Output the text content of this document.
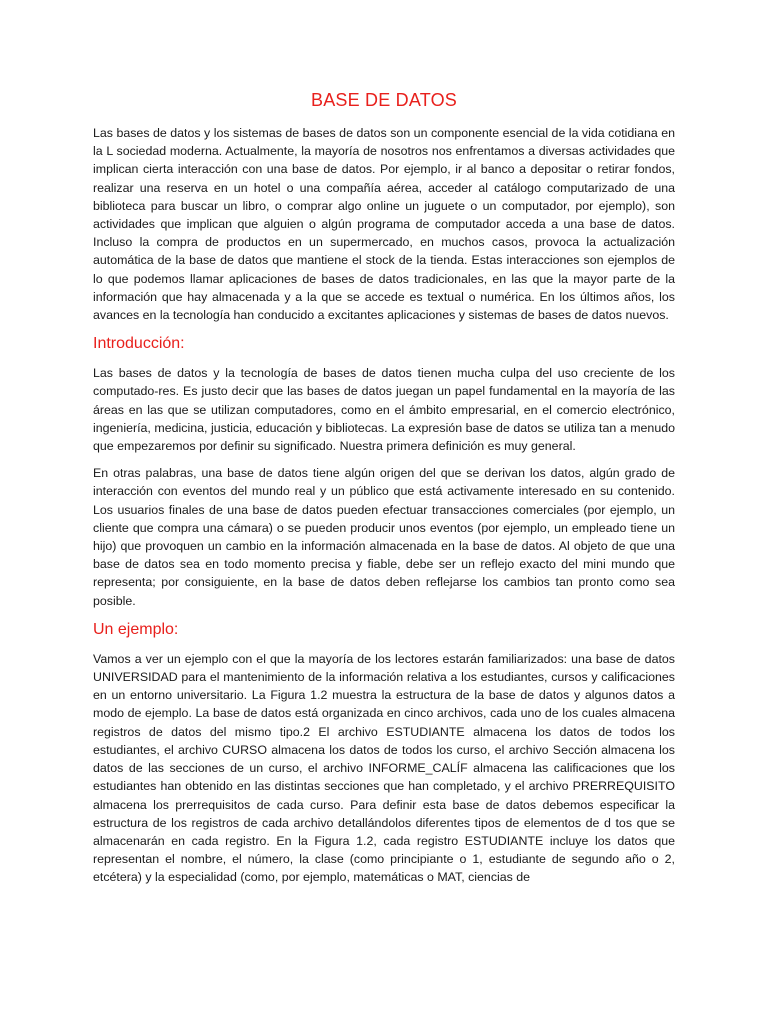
BASE DE DATOS

Las bases de datos y los sistemas de bases de datos son un componente esencial de la vida cotidiana en la L sociedad moderna. Actualmente, la mayoría de nosotros nos enfrentamos a diversas actividades que implican cierta interacción con una base de datos. Por ejemplo, ir al banco a depositar o retirar fondos, realizar una reserva en un hotel o una compañía aérea, acceder al catálogo computarizado de una biblioteca para buscar un libro, o comprar algo online un juguete o un computador, por ejemplo), son actividades que implican que alguien o algún programa de computador acceda a una base de datos. Incluso la compra de productos en un supermercado, en muchos casos, provoca la actualización automática de la base de datos que mantiene el stock de la tienda. Estas interacciones son ejemplos de lo que podemos llamar aplicaciones de bases de datos tradicionales, en las que la mayor parte de la información que hay almacenada y a la que se accede es textual o numérica. En los últimos años, los avances en la tecnología han conducido a excitantes aplicaciones y sistemas de bases de datos nuevos.

Introducción:

Las bases de datos y la tecnología de bases de datos tienen mucha culpa del uso creciente de los computado-res. Es justo decir que las bases de datos juegan un papel fundamental en la mayoría de las áreas en las que se utilizan computadores, como en el ámbito empresarial, en el comercio electrónico, ingeniería, medicina, justicia, educación y bibliotecas. La expresión base de datos se utiliza tan a menudo que empezaremos por definir su significado. Nuestra primera definición es muy general.

En otras palabras, una base de datos tiene algún origen del que se derivan los datos, algún grado de interacción con eventos del mundo real y un público que está activamente interesado en su contenido. Los usuarios finales de una base de datos pueden efectuar transacciones comerciales (por ejemplo, un cliente que compra una cámara) o se pueden producir unos eventos (por ejemplo, un empleado tiene un hijo) que provoquen un cambio en la información almacenada en la base de datos. Al objeto de que una base de datos sea en todo momento precisa y fiable, debe ser un reflejo exacto del mini mundo que representa; por consiguiente, en la base de datos deben reflejarse los cambios tan pronto como sea posible.

Un ejemplo:

Vamos a ver un ejemplo con el que la mayoría de los lectores estarán familiarizados: una base de datos UNIVERSIDAD para el mantenimiento de la información relativa a los estudiantes, cursos y calificaciones en un entorno universitario. La Figura 1.2 muestra la estructura de la base de datos y algunos datos a modo de ejemplo. La base de datos está organizada en cinco archivos, cada uno de los cuales almacena registros de datos del mismo tipo.2 El archivo ESTUDIANTE almacena los datos de todos los estudiantes, el archivo CURSO almacena los datos de todos los curso, el archivo Sección almacena los datos de las secciones de un curso, el archivo INFORME_CALÍF almacena las calificaciones que los estudiantes han obtenido en las distintas secciones que han completado, y el archivo PRERREQUISITO almacena los prerrequisitos de cada curso. Para definir esta base de datos debemos especificar la estructura de los registros de cada archivo detallándolos diferentes tipos de elementos de d tos que se almacenarán en cada registro. En la Figura 1.2, cada registro ESTUDIANTE incluye los datos que representan el nombre, el número, la clase (como principiante o 1, estudiante de segundo año o 2, etcétera) y la especialidad (como, por ejemplo, matemáticas o MAT, ciencias de
